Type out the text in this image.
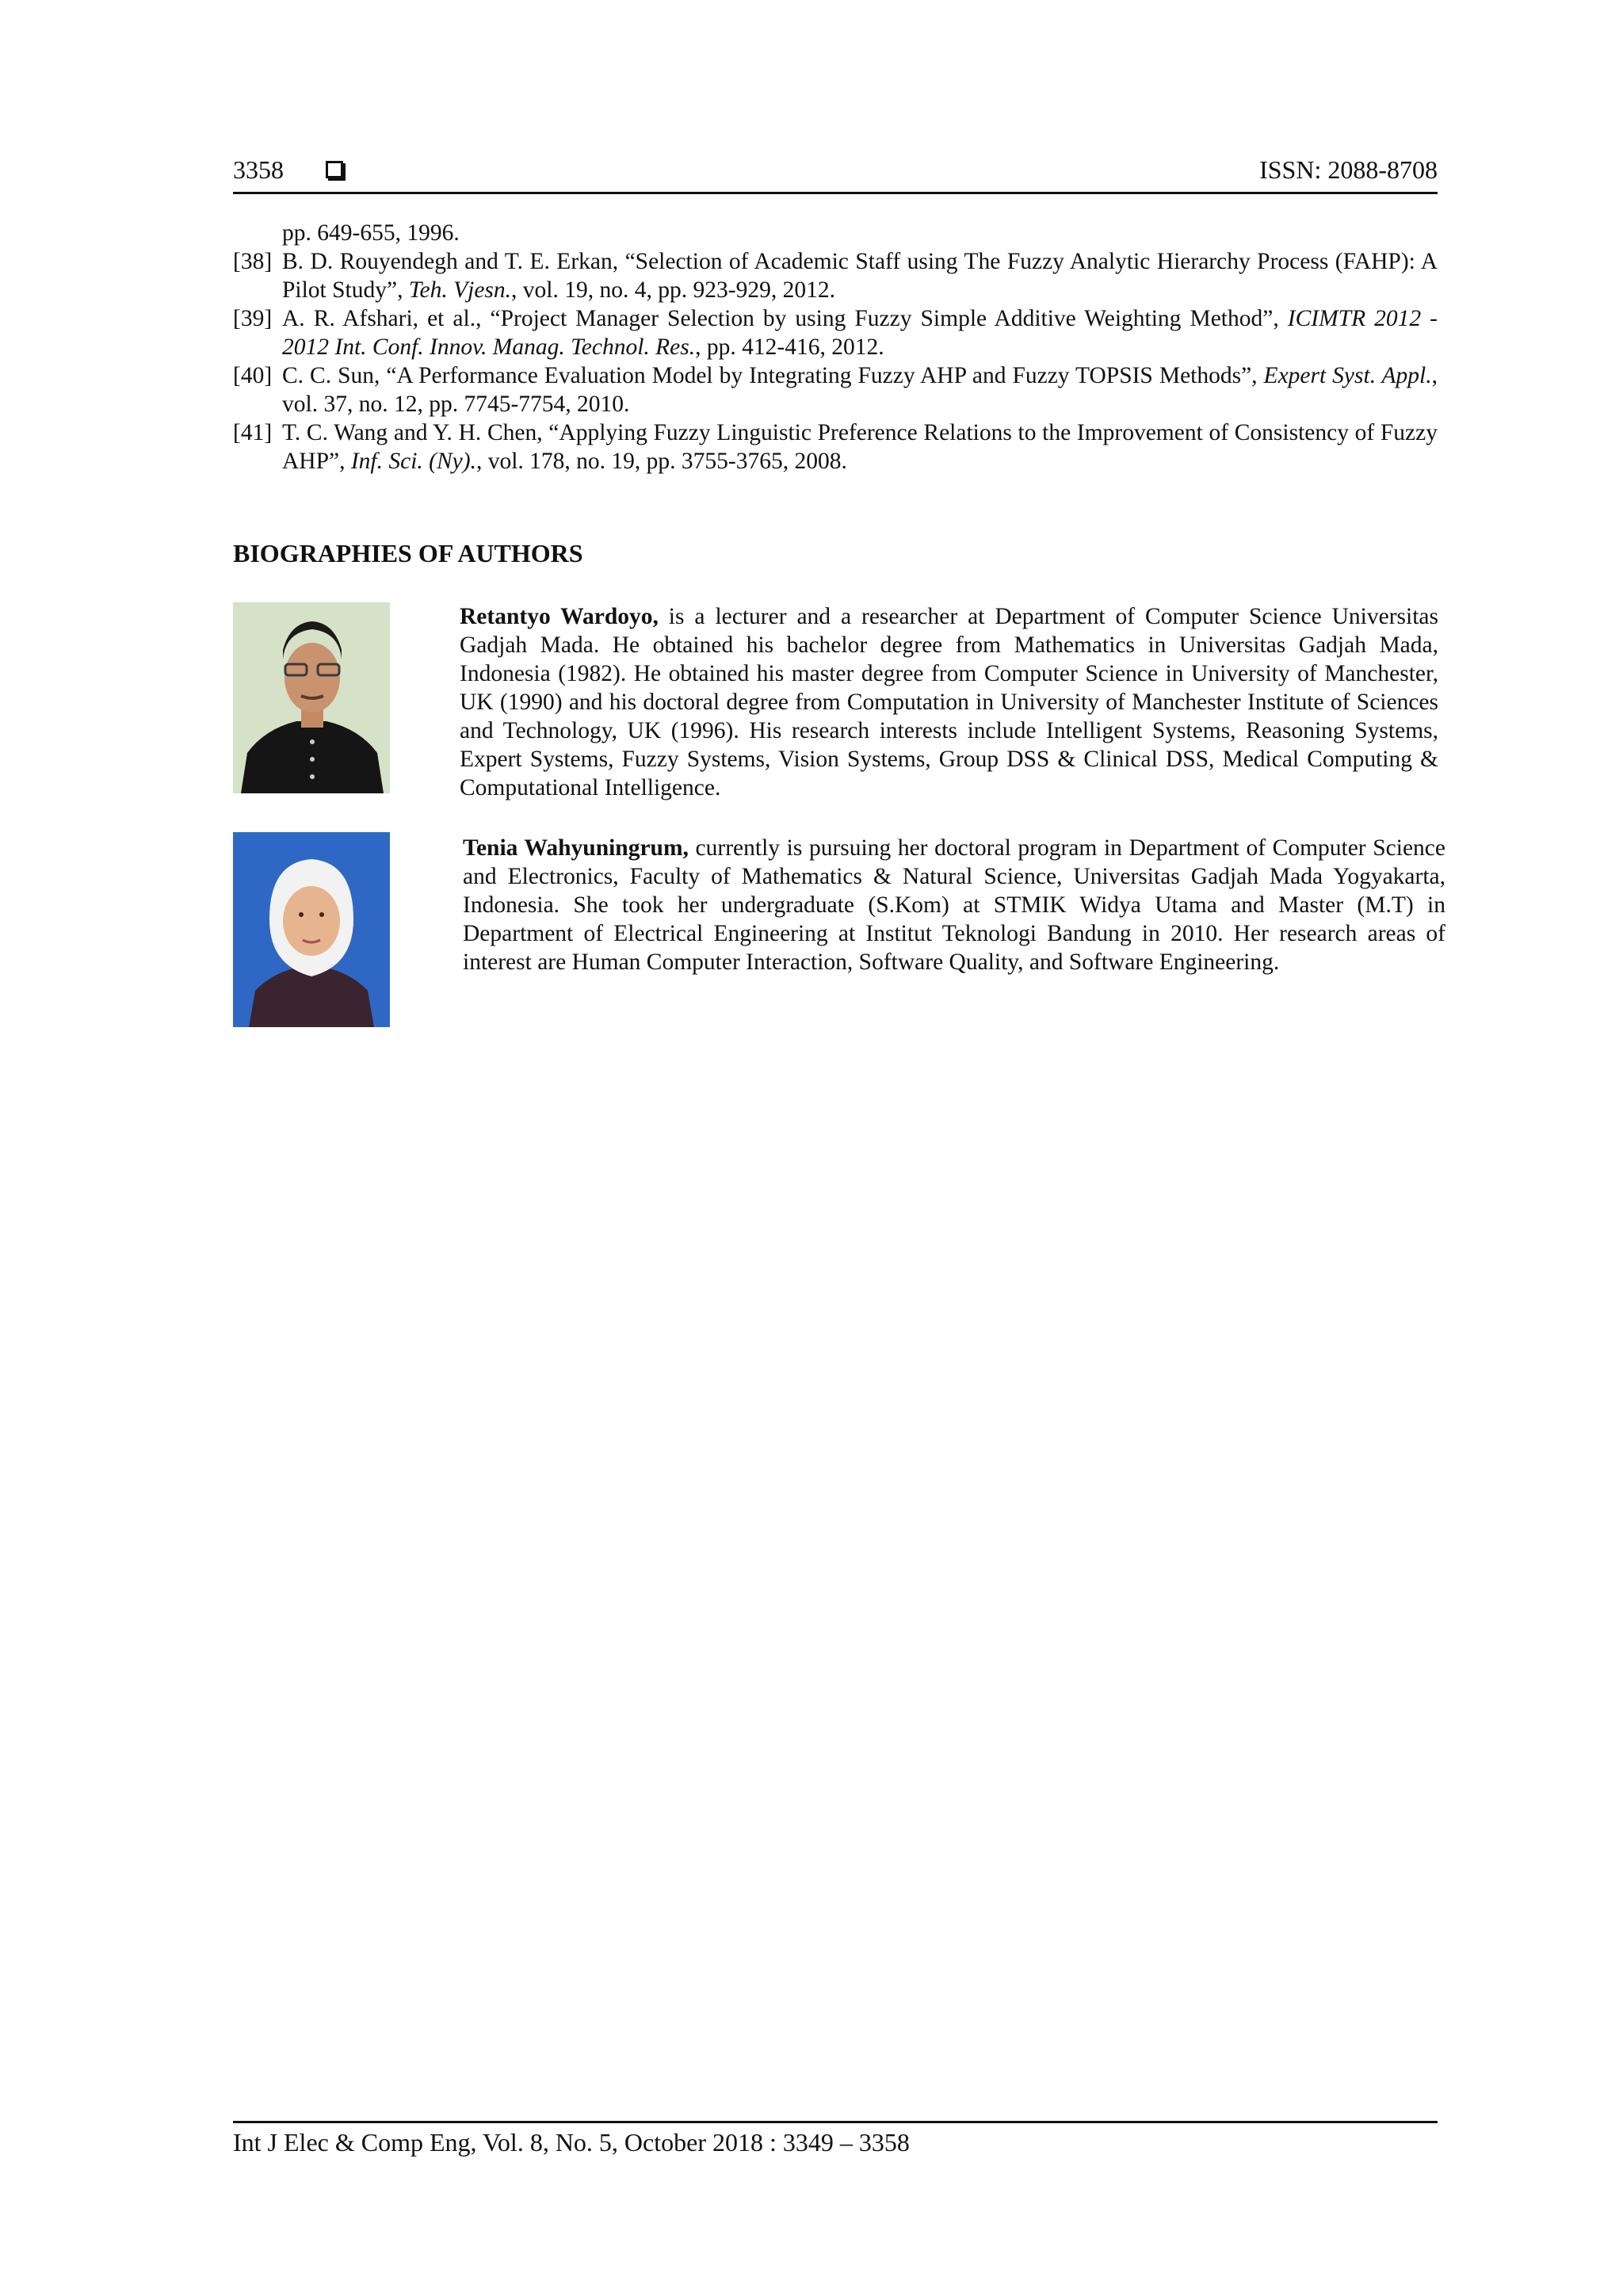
3358	ISSN: 2088-8708
pp. 649-655, 1996.
[38] B. D. Rouyendegh and T. E. Erkan, “Selection of Academic Staff using The Fuzzy Analytic Hierarchy Process (FAHP): A Pilot Study”, Teh. Vjesn., vol. 19, no. 4, pp. 923-929, 2012.
[39] A. R. Afshari, et al., “Project Manager Selection by using Fuzzy Simple Additive Weighting Method”, ICIMTR 2012 - 2012 Int. Conf. Innov. Manag. Technol. Res., pp. 412-416, 2012.
[40] C. C. Sun, “A Performance Evaluation Model by Integrating Fuzzy AHP and Fuzzy TOPSIS Methods”, Expert Syst. Appl., vol. 37, no. 12, pp. 7745-7754, 2010.
[41] T. C. Wang and Y. H. Chen, “Applying Fuzzy Linguistic Preference Relations to the Improvement of Consistency of Fuzzy AHP”, Inf. Sci. (Ny)., vol. 178, no. 19, pp. 3755-3765, 2008.
BIOGRAPHIES OF AUTHORS
Retantyo Wardoyo, is a lecturer and a researcher at Department of Computer Science Universitas Gadjah Mada. He obtained his bachelor degree from Mathematics in Universitas Gadjah Mada, Indonesia (1982). He obtained his master degree from Computer Science in University of Manchester, UK (1990) and his doctoral degree from Computation in University of Manchester Institute of Sciences and Technology, UK (1996). His research interests include Intelligent Systems, Reasoning Systems, Expert Systems, Fuzzy Systems, Vision Systems, Group DSS & Clinical DSS, Medical Computing & Computational Intelligence.
Tenia Wahyuningrum, currently is pursuing her doctoral program in Department of Computer Science and Electronics, Faculty of Mathematics & Natural Science, Universitas Gadjah Mada Yogyakarta, Indonesia. She took her undergraduate (S.Kom) at STMIK Widya Utama and Master (M.T) in Department of Electrical Engineering at Institut Teknologi Bandung in 2010. Her research areas of interest are Human Computer Interaction, Software Quality, and Software Engineering.
Int J Elec & Comp Eng, Vol. 8, No. 5, October 2018 : 3349 – 3358
